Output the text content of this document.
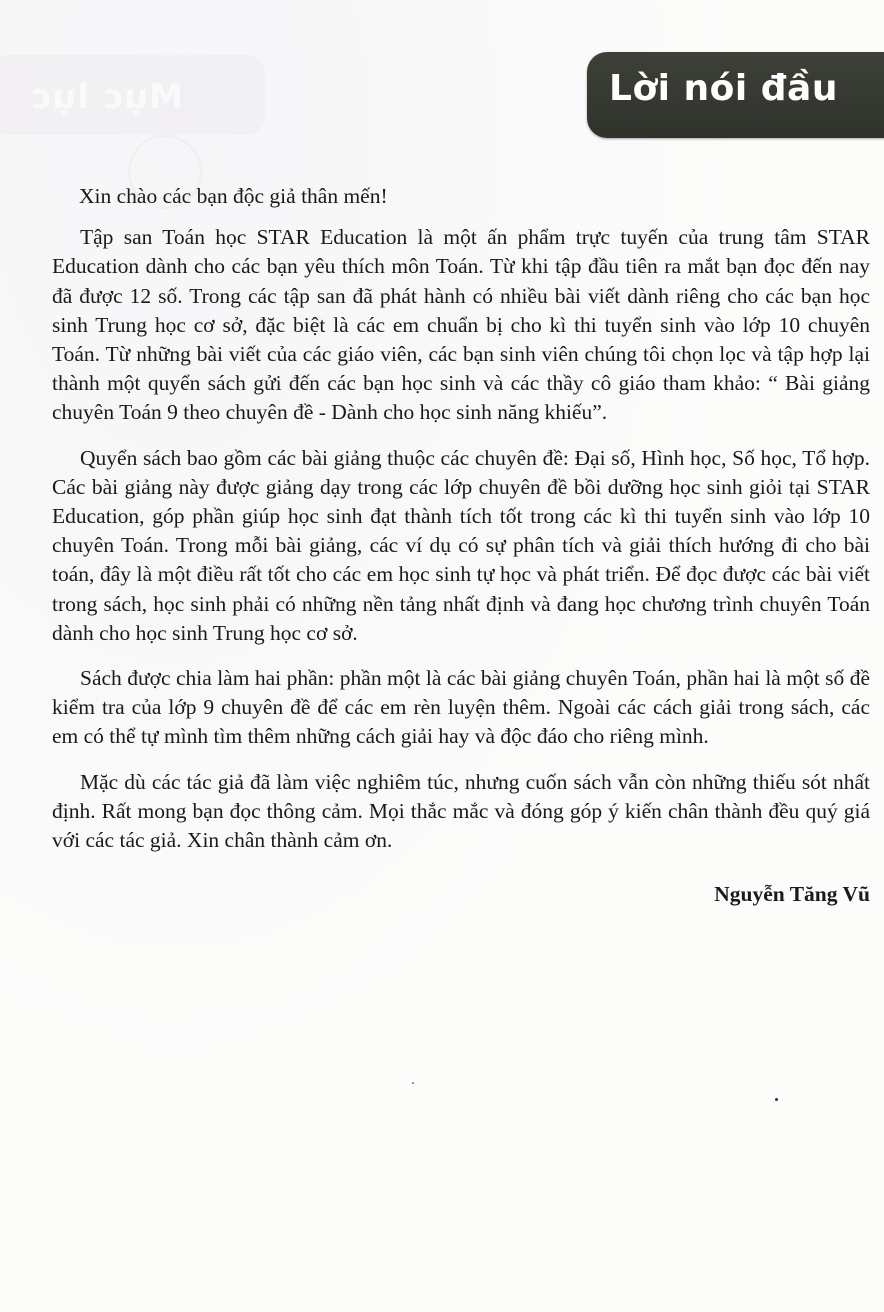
Mục lục	Lời nói đầu

Xin chào các bạn độc giả thân mến!

Tập san Toán học STAR Education là một ấn phẩm trực tuyến của trung tâm STAR Education dành cho các bạn yêu thích môn Toán. Từ khi tập đầu tiên ra mắt bạn đọc đến nay đã được 12 số. Trong các tập san đã phát hành có nhiều bài viết dành riêng cho các bạn học sinh Trung học cơ sở, đặc biệt là các em chuẩn bị cho kì thi tuyển sinh vào lớp 10 chuyên Toán. Từ những bài viết của các giáo viên, các bạn sinh viên chúng tôi chọn lọc và tập hợp lại thành một quyển sách gửi đến các bạn học sinh và các thầy cô giáo tham khảo: “ Bài giảng chuyên Toán 9 theo chuyên đề - Dành cho học sinh năng khiếu”.

Quyển sách bao gồm các bài giảng thuộc các chuyên đề: Đại số, Hình học, Số học, Tổ hợp. Các bài giảng này được giảng dạy trong các lớp chuyên đề bồi dưỡng học sinh giỏi tại STAR Education, góp phần giúp học sinh đạt thành tích tốt trong các kì thi tuyển sinh vào lớp 10 chuyên Toán. Trong mỗi bài giảng, các ví dụ có sự phân tích và giải thích hướng đi cho bài toán, đây là một điều rất tốt cho các em học sinh tự học và phát triển. Để đọc được các bài viết trong sách, học sinh phải có những nền tảng nhất định và đang học chương trình chuyên Toán dành cho học sinh Trung học cơ sở.

Sách được chia làm hai phần: phần một là các bài giảng chuyên Toán, phần hai là một số đề kiểm tra của lớp 9 chuyên đề để các em rèn luyện thêm. Ngoài các cách giải trong sách, các em có thể tự mình tìm thêm những cách giải hay và độc đáo cho riêng mình.

Mặc dù các tác giả đã làm việc nghiêm túc, nhưng cuốn sách vẫn còn những thiếu sót nhất định. Rất mong bạn đọc thông cảm. Mọi thắc mắc và đóng góp ý kiến chân thành đều quý giá với các tác giả. Xin chân thành cảm ơn.

Nguyễn Tăng Vũ
